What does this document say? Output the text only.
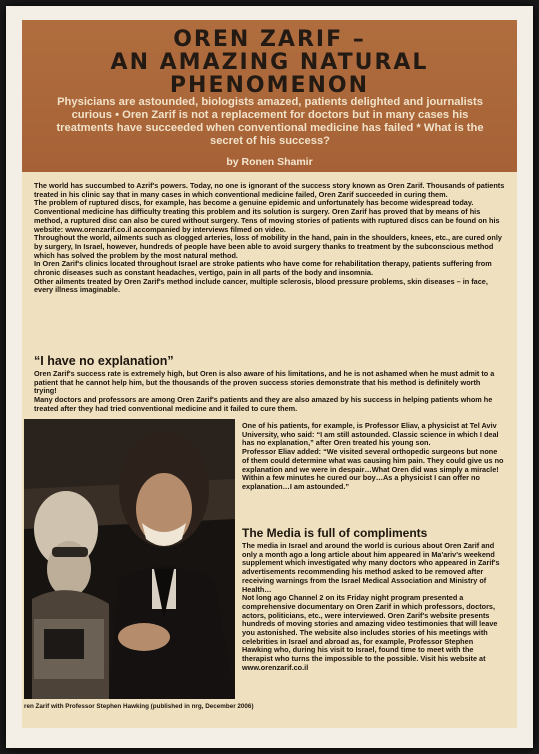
OREN ZARIF –
AN AMAZING NATURAL
PHENOMENON
Physicians are astounded, biologists amazed, patients delighted and journalists curious • Oren Zarif is not a replacement for doctors but in many cases his treatments have succeeded when conventional medicine has failed * What is the secret of his success?
by Ronen Shamir

The world has succumbed to Azrif's powers. Today, no one is ignorant of the success story known as Oren Zarif. Thousands of patients treated in his clinic say that in many cases in which conventional medicine failed, Oren Zarif succeeded in curing them.

The problem of ruptured discs, for example, has become a genuine epidemic and unfortunately has become widespread today. Conventional medicine has difficulty treating this problem and its solution is surgery. Oren Zarif has proved that by means of his method, a ruptured disc can also be cured without surgery. Tens of moving stories of patients with ruptured discs can be found on his website: www.orenzarif.co.il accompanied by interviews filmed on video.

Throughout the world, ailments such as clogged arteries, loss of mobility in the hand, pain in the shoulders, knees, etc., are cured only by surgery, In Israel, however, hundreds of people have been able to avoid surgery thanks to treatment by the subconscious method which has solved the problem by the most natural method.

In Oren Zarif's clinics located throughout Israel are stroke patients who have come for rehabilitation therapy, patients suffering from chronic diseases such as constant headaches, vertigo, pain in all parts of the body and insomnia.

Other ailments treated by Oren Zarif's method include cancer, multiple sclerosis, blood pressure problems, skin diseases – in face, every illness imaginable.

“I have no explanation”

Oren Zarif's success rate is extremely high, but Oren is also aware of his limitations, and he is not ashamed when he must admit to a patient that he cannot help him, but the thousands of the proven success stories demonstrate that his method is definitely worth trying!

Many doctors and professors are among Oren Zarif's patients and they are also amazed by his success in helping patients whom he treated after they had tried conventional medicine and it failed to cure them.

One of his patients, for example, is Professor Eliav, a physicist at Tel Aviv University, who said: “I am still astounded. Classic science in which I deal has no explanation,” after Oren treated his young son.

Professor Eliav added: “We visited several orthopedic surgeons but none of them could determine what was causing him pain. They could give us no explanation and we were in despair…What Oren did was simply a miracle! Within a few minutes he cured our boy…As a physicist I can offer no explanation…I am astounded.”

The Media is full of compliments

The media in Israel and around the world is curious about Oren Zarif and only a month ago a long article about him appeared in Ma'ariv's weekend supplement which investigated why many doctors who appeared in Zarif's advertisements recommending his method asked to be removed after receiving warnings from the Israel Medical Association and Ministry of Health…

Not long ago Channel 2 on its Friday night program presented a comprehensive documentary on Oren Zarif in which professors, doctors, actors, politicians, etc., were interviewed. Oren Zarif's website presents hundreds of moving stories and amazing video testimonies that will leave you astonished. The website also includes stories of his meetings with celebrities in Israel and abroad as, for example, Professor Stephen Hawking who, during his visit to Israel, found time to meet with the therapist who turns the impossible to the possible. Visit his website at www.orenzarif.co.il

ren Zarif with Professor Stephen Hawking (published in nrg, December 2006)
